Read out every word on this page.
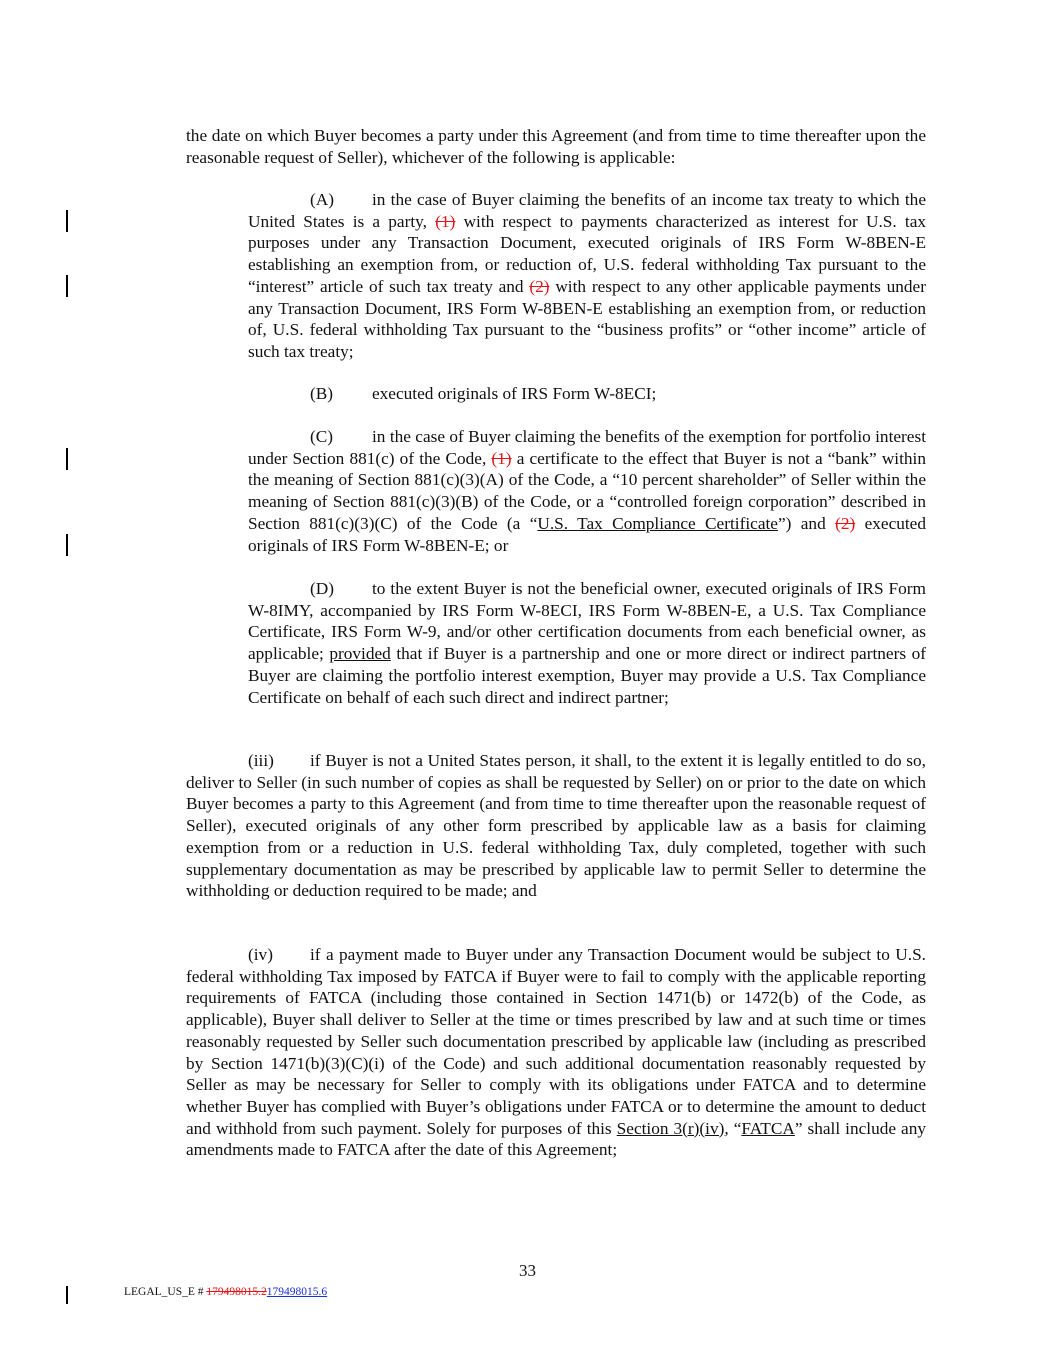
the date on which Buyer becomes a party under this Agreement (and from time to time thereafter upon the reasonable request of Seller), whichever of the following is applicable:

(A) in the case of Buyer claiming the benefits of an income tax treaty to which the United States is a party, (1) with respect to payments characterized as interest for U.S. tax purposes under any Transaction Document, executed originals of IRS Form W-8BEN-E establishing an exemption from, or reduction of, U.S. federal withholding Tax pursuant to the “interest” article of such tax treaty and (2) with respect to any other applicable payments under any Transaction Document, IRS Form W-8BEN-E establishing an exemption from, or reduction of, U.S. federal withholding Tax pursuant to the “business profits” or “other income” article of such tax treaty;

(B) executed originals of IRS Form W-8ECI;

(C) in the case of Buyer claiming the benefits of the exemption for portfolio interest under Section 881(c) of the Code, (1) a certificate to the effect that Buyer is not a “bank” within the meaning of Section 881(c)(3)(A) of the Code, a “10 percent shareholder” of Seller within the meaning of Section 881(c)(3)(B) of the Code, or a “controlled foreign corporation” described in Section 881(c)(3)(C) of the Code (a “U.S. Tax Compliance Certificate”) and (2) executed originals of IRS Form W-8BEN-E; or

(D) to the extent Buyer is not the beneficial owner, executed originals of IRS Form W-8IMY, accompanied by IRS Form W-8ECI, IRS Form W-8BEN-E, a U.S. Tax Compliance Certificate, IRS Form W-9, and/or other certification documents from each beneficial owner, as applicable; provided that if Buyer is a partnership and one or more direct or indirect partners of Buyer are claiming the portfolio interest exemption, Buyer may provide a U.S. Tax Compliance Certificate on behalf of each such direct and indirect partner;

(iii) if Buyer is not a United States person, it shall, to the extent it is legally entitled to do so, deliver to Seller (in such number of copies as shall be requested by Seller) on or prior to the date on which Buyer becomes a party to this Agreement (and from time to time thereafter upon the reasonable request of Seller), executed originals of any other form prescribed by applicable law as a basis for claiming exemption from or a reduction in U.S. federal withholding Tax, duly completed, together with such supplementary documentation as may be prescribed by applicable law to permit Seller to determine the withholding or deduction required to be made; and

(iv) if a payment made to Buyer under any Transaction Document would be subject to U.S. federal withholding Tax imposed by FATCA if Buyer were to fail to comply with the applicable reporting requirements of FATCA (including those contained in Section 1471(b) or 1472(b) of the Code, as applicable), Buyer shall deliver to Seller at the time or times prescribed by law and at such time or times reasonably requested by Seller such documentation prescribed by applicable law (including as prescribed by Section 1471(b)(3)(C)(i) of the Code) and such additional documentation reasonably requested by Seller as may be necessary for Seller to comply with its obligations under FATCA and to determine whether Buyer has complied with Buyer’s obligations under FATCA or to determine the amount to deduct and withhold from such payment. Solely for purposes of this Section 3(r)(iv), “FATCA” shall include any amendments made to FATCA after the date of this Agreement;

33
LEGAL_US_E # 179498015.2179498015.6
